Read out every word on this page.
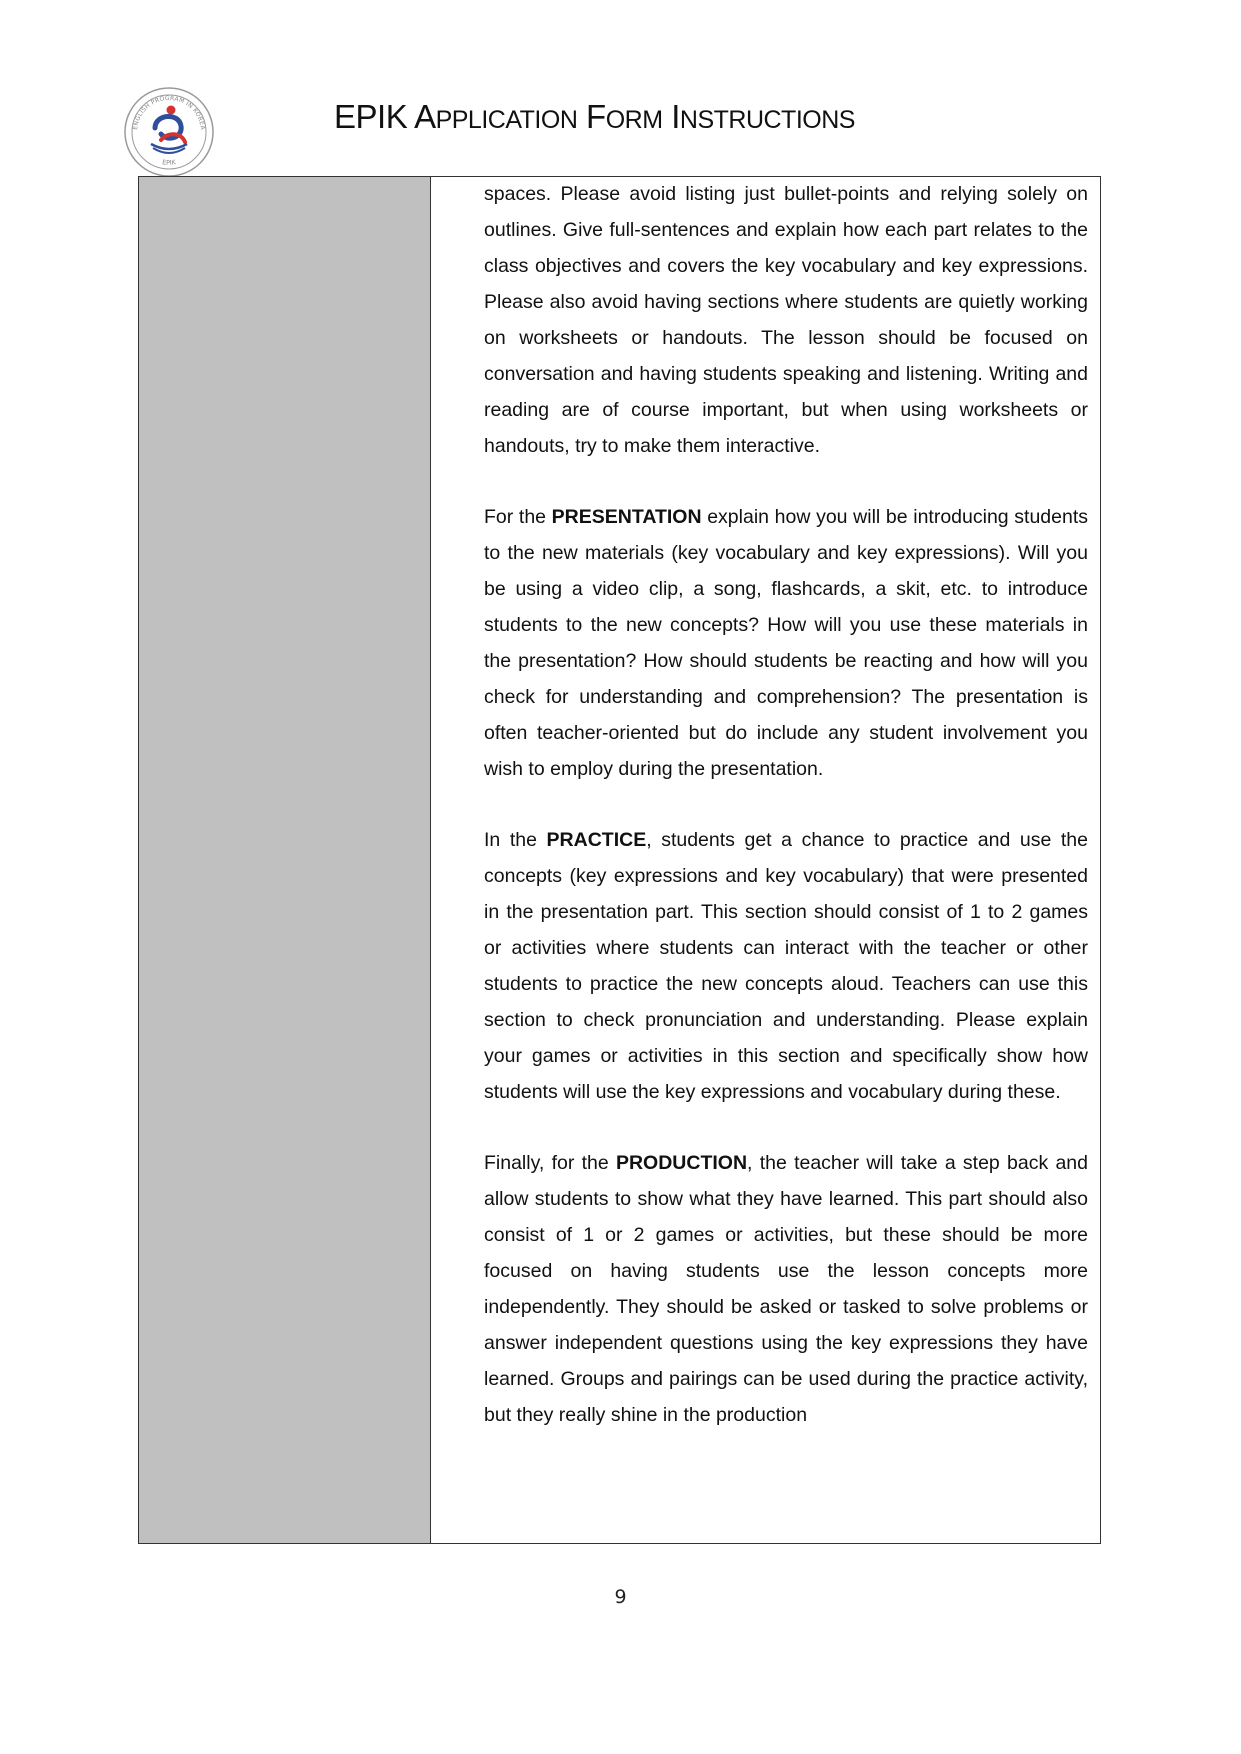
ENGLISH PROGRAM IN KOREA
EPIK
EPIK APPLICATION FORM INSTRUCTIONS

spaces. Please avoid listing just bullet-points and relying solely on outlines. Give full-sentences and explain how each part relates to the class objectives and covers the key vocabulary and key expressions. Please also avoid having sections where students are quietly working on worksheets or handouts. The lesson should be focused on conversation and having students speaking and listening. Writing and reading are of course important, but when using worksheets or handouts, try to make them interactive.

For the PRESENTATION explain how you will be introducing students to the new materials (key vocabulary and key expressions). Will you be using a video clip, a song, flashcards, a skit, etc. to introduce students to the new concepts? How will you use these materials in the presentation? How should students be reacting and how will you check for understanding and comprehension? The presentation is often teacher-oriented but do include any student involvement you wish to employ during the presentation.

In the PRACTICE, students get a chance to practice and use the concepts (key expressions and key vocabulary) that were presented in the presentation part. This section should consist of 1 to 2 games or activities where students can interact with the teacher or other students to practice the new concepts aloud. Teachers can use this section to check pronunciation and understanding. Please explain your games or activities in this section and specifically show how students will use the key expressions and vocabulary during these.

Finally, for the PRODUCTION, the teacher will take a step back and allow students to show what they have learned. This part should also consist of 1 or 2 games or activities, but these should be more focused on having students use the lesson concepts more independently. They should be asked or tasked to solve problems or answer independent questions using the key expressions they have learned. Groups and pairings can be used during the practice activity, but they really shine in the production

9
